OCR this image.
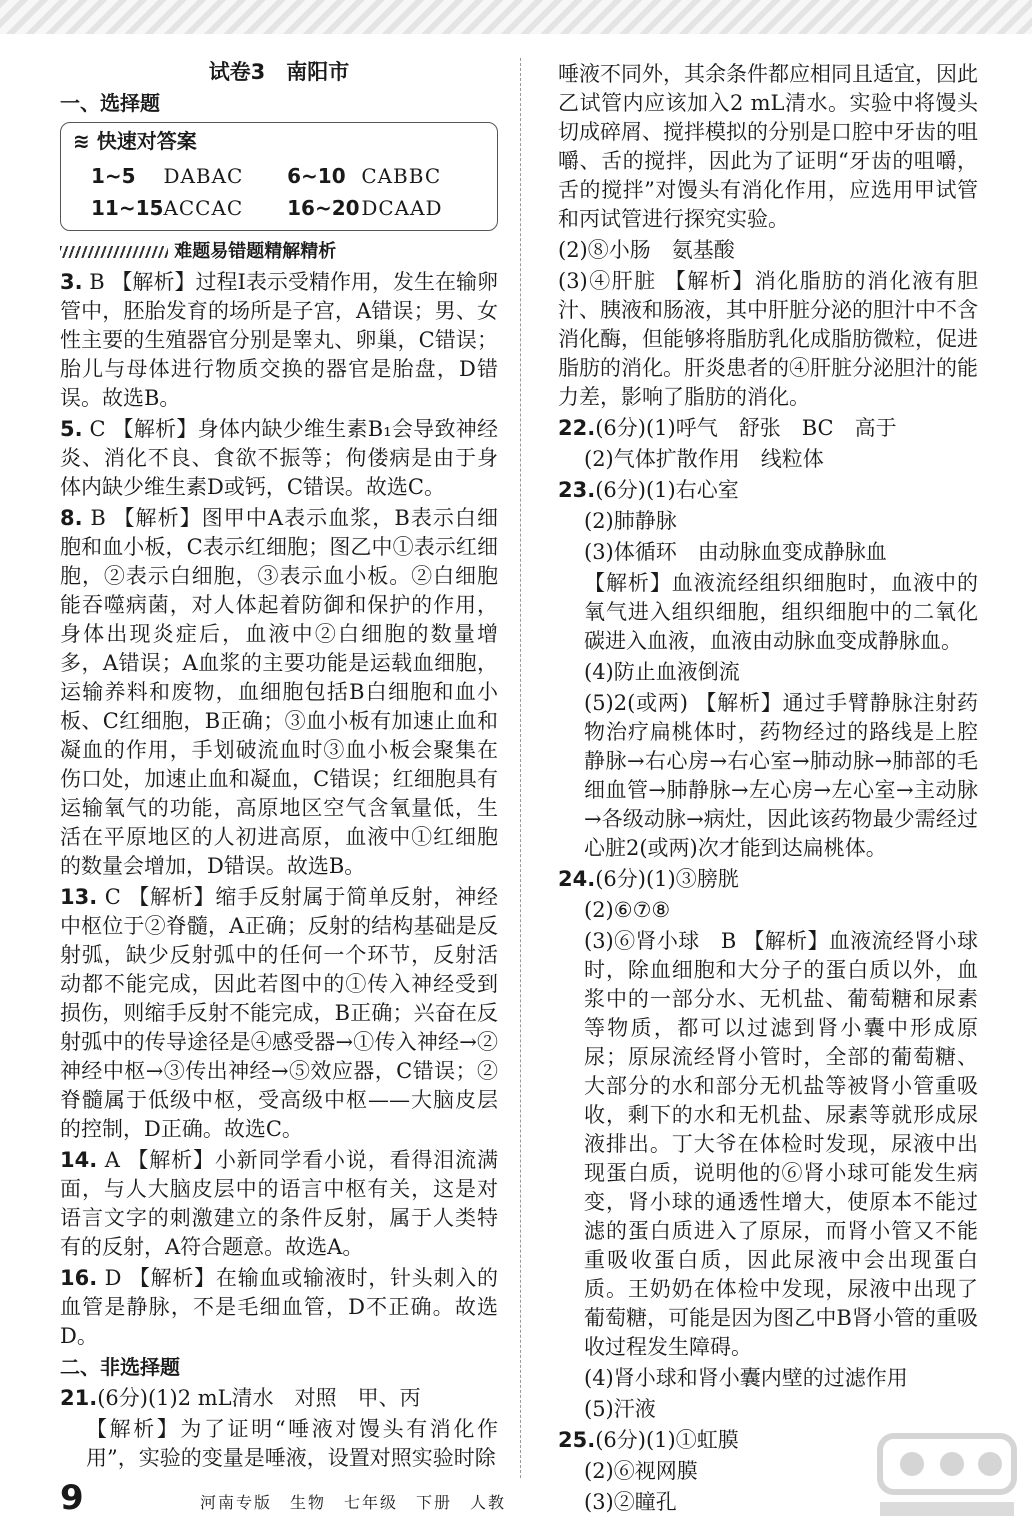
试卷3　南阳市
一、选择题
≋ 快速对答案
1~5	DABAC	6~10 CABBC
11~15 ACCAC	16~20 DCAAD
难题易错题精解精析
3. B 【解析】过程Ⅰ表示受精作用，发生在输卵管中，胚胎发育的场所是子宫，A错误；男、女性主要的生殖器官分别是睾丸、卵巢，C错误；胎儿与母体进行物质交换的器官是胎盘，D错误。故选B。
5. C 【解析】身体内缺少维生素B₁会导致神经炎、消化不良、食欲不振等；佝偻病是由于身体内缺少维生素D或钙，C错误。故选C。
8. B 【解析】图甲中A表示血浆，B表示白细胞和血小板，C表示红细胞；图乙中①表示红细胞，②表示白细胞，③表示血小板。②白细胞能吞噬病菌，对人体起着防御和保护的作用，身体出现炎症后，血液中②白细胞的数量增多，A错误；A血浆的主要功能是运载血细胞，运输养料和废物，血细胞包括B白细胞和血小板、C红细胞，B正确；③血小板有加速止血和凝血的作用，手划破流血时③血小板会聚集在伤口处，加速止血和凝血，C错误；红细胞具有运输氧气的功能，高原地区空气含氧量低，生活在平原地区的人初进高原，血液中①红细胞的数量会增加，D错误。故选B。
13. C 【解析】缩手反射属于简单反射，神经中枢位于②脊髓，A正确；反射的结构基础是反射弧，缺少反射弧中的任何一个环节，反射活动都不能完成，因此若图中的①传入神经受到损伤，则缩手反射不能完成，B正确；兴奋在反射弧中的传导途径是④感受器→①传入神经→②神经中枢→③传出神经→⑤效应器，C错误；②脊髓属于低级中枢，受高级中枢——大脑皮层的控制，D正确。故选C。
14. A 【解析】小新同学看小说，看得泪流满面，与人大脑皮层中的语言中枢有关，这是对语言文字的刺激建立的条件反射，属于人类特有的反射，A符合题意。故选A。
16. D 【解析】在输血或输液时，针头刺入的血管是静脉，不是毛细血管，D不正确。故选D。
二、非选择题
21.(6分)(1)2 mL清水　对照　甲、丙
【解析】为了证明“唾液对馒头有消化作用”，实验的变量是唾液，设置对照实验时除
唾液不同外，其余条件都应相同且适宜，因此乙试管内应该加入2 mL清水。实验中将馒头切成碎屑、搅拌模拟的分别是口腔中牙齿的咀嚼、舌的搅拌，因此为了证明“牙齿的咀嚼，舌的搅拌”对馒头有消化作用，应选用甲试管和丙试管进行探究实验。
(2)⑧小肠　氨基酸
(3)④肝脏 【解析】消化脂肪的消化液有胆汁、胰液和肠液，其中肝脏分泌的胆汁中不含消化酶，但能够将脂肪乳化成脂肪微粒，促进脂肪的消化。肝炎患者的④肝脏分泌胆汁的能力差，影响了脂肪的消化。
22.(6分)(1)呼气　舒张　BC　高于
(2)气体扩散作用　线粒体
23.(6分)(1)右心室
(2)肺静脉
(3)体循环　由动脉血变成静脉血
【解析】血液流经组织细胞时，血液中的氧气进入组织细胞，组织细胞中的二氧化碳进入血液，血液由动脉血变成静脉血。
(4)防止血液倒流
(5)2(或两) 【解析】通过手臂静脉注射药物治疗扁桃体时，药物经过的路线是上腔静脉→右心房→右心室→肺动脉→肺部的毛细血管→肺静脉→左心房→左心室→主动脉→各级动脉→病灶，因此该药物最少需经过心脏2(或两)次才能到达扁桃体。
24.(6分)(1)③膀胱
(2)⑥⑦⑧
(3)⑥肾小球　B 【解析】血液流经肾小球时，除血细胞和大分子的蛋白质以外，血浆中的一部分水、无机盐、葡萄糖和尿素等物质，都可以过滤到肾小囊中形成原尿；原尿流经肾小管时，全部的葡萄糖、大部分的水和部分无机盐等被肾小管重吸收，剩下的水和无机盐、尿素等就形成尿液排出。丁大爷在体检时发现，尿液中出现蛋白质，说明他的⑥肾小球可能发生病变，肾小球的通透性增大，使原本不能过滤的蛋白质进入了原尿，而肾小管又不能重吸收蛋白质，因此尿液中会出现蛋白质。王奶奶在体检中发现，尿液中出现了葡萄糖，可能是因为图乙中B肾小管的重吸收过程发生障碍。
(4)肾小球和肾小囊内壁的过滤作用
(5)汗液
25.(6分)(1)①虹膜
(2)⑥视网膜
(3)②瞳孔
9	河南专版　生物　七年级　下册　人教
